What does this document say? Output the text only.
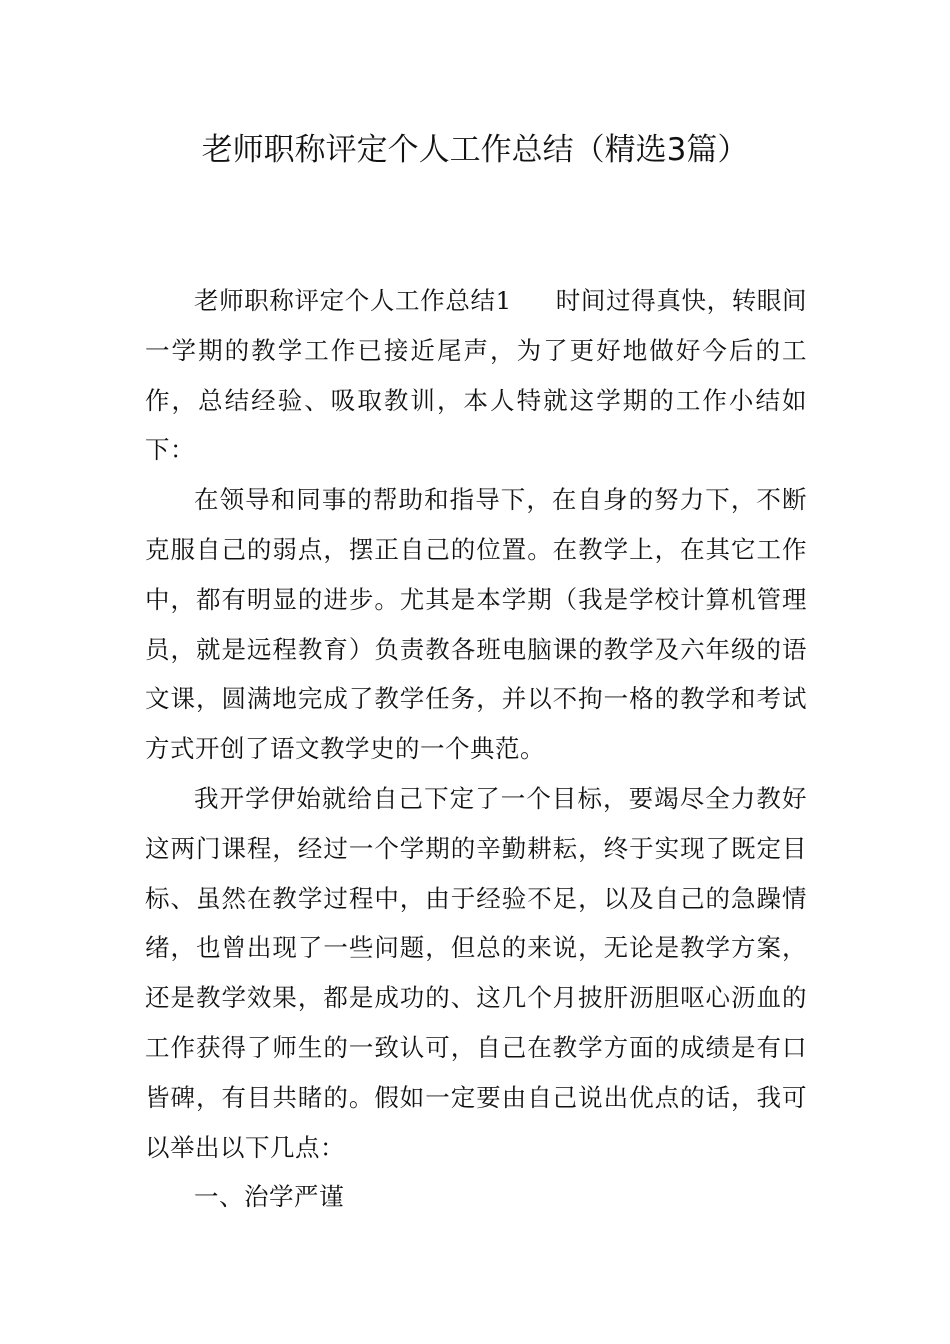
老师职称评定个人工作总结（精选3篇）

老师职称评定个人工作总结1 时间过得真快，转眼间一学期的教学工作已接近尾声，为了更好地做好今后的工作，总结经验、吸取教训，本人特就这学期的工作小结如下：

在领导和同事的帮助和指导下，在自身的努力下，不断克服自己的弱点，摆正自己的位置。在教学上，在其它工作中，都有明显的进步。尤其是本学期（我是学校计算机管理员，就是远程教育）负责教各班电脑课的教学及六年级的语文课，圆满地完成了教学任务，并以不拘一格的教学和考试方式开创了语文教学史的一个典范。

我开学伊始就给自己下定了一个目标，要竭尽全力教好这两门课程，经过一个学期的辛勤耕耘，终于实现了既定目标、虽然在教学过程中，由于经验不足，以及自己的急躁情绪，也曾出现了一些问题，但总的来说，无论是教学方案，还是教学效果，都是成功的、这几个月披肝沥胆呕心沥血的工作获得了师生的一致认可，自己在教学方面的成绩是有口皆碑，有目共睹的。假如一定要由自己说出优点的话，我可以举出以下几点：

一、治学严谨
